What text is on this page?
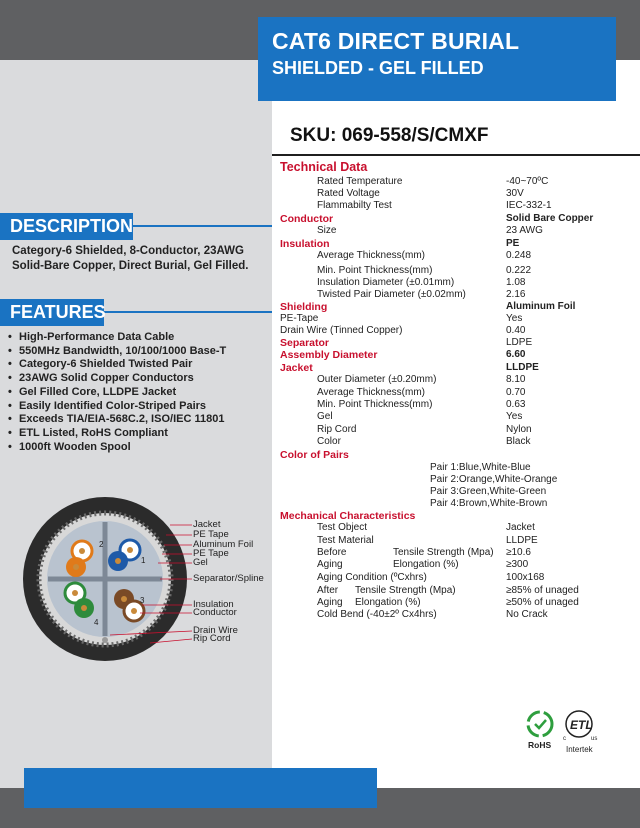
CAT6 DIRECT BURIAL
SHIELDED - GEL FILLED
SKU: 069-558/S/CMXF
DESCRIPTION
Category-6 Shielded, 8-Conductor, 23AWG
Solid-Bare Copper, Direct Burial, Gel Filled.
FEATURES
• High-Performance Data Cable
• 550MHz Bandwidth, 10/100/1000 Base-T
• Category-6 Shielded Twisted Pair
• 23AWG Solid Copper Conductors
• Gel Filled Core, LLDPE Jacket
• Easily Identified Color-Striped Pairs
• Exceeds TIA/EIA-568C.2, ISO/IEC 11801
• ETL Listed, RoHS Compliant
• 1000ft Wooden Spool
2
1
3
4
Jacket
PE Tape
Aluminum Foil
PE Tape
Gel
Separator/Spline
Insulation
Conductor
Drain Wire
Rip Cord
Technical Data
Rated Temperature	-40~70ºC
Rated Voltage	30V
Flammabilty Test	IEC-332-1
Conductor	Solid Bare Copper
Size	23 AWG
Insulation	PE
Average Thickness(mm)	0.248
Min. Point Thickness(mm)	0.222
Insulation Diameter (±0.01mm)	1.08
Twisted Pair Diameter (±0.02mm)	2.16
Shielding	Aluminum Foil
PE-Tape	Yes
Drain Wire (Tinned Copper)	0.40
Separator	LDPE
Assembly Diameter	6.60
Jacket	LLDPE
Outer Diameter (±0.20mm)	8.10
Average Thickness(mm)	0.70
Min. Point Thickness(mm)	0.63
Gel	Yes
Rip Cord	Nylon
Color	Black
Color of Pairs
Pair 1:Blue,White-Blue
Pair 2:Orange,White-Orange
Pair 3:Green,White-Green
Pair 4:Brown,White-Brown
Mechanical Characteristics
Test Object	Jacket
Test Material	LLDPE
Before	Tensile Strength (Mpa) ≥10.6
Aging	Elongation (%)	≥300
Aging Condition (ºCxhrs)	100x168
After Tensile Strength (Mpa)	≥85% of unaged
Aging Elongation (%)	≥50% of unaged
Cold Bend (-40±2º Cx4hrs)	No Crack
ETL
c	us
RoHS Intertek
